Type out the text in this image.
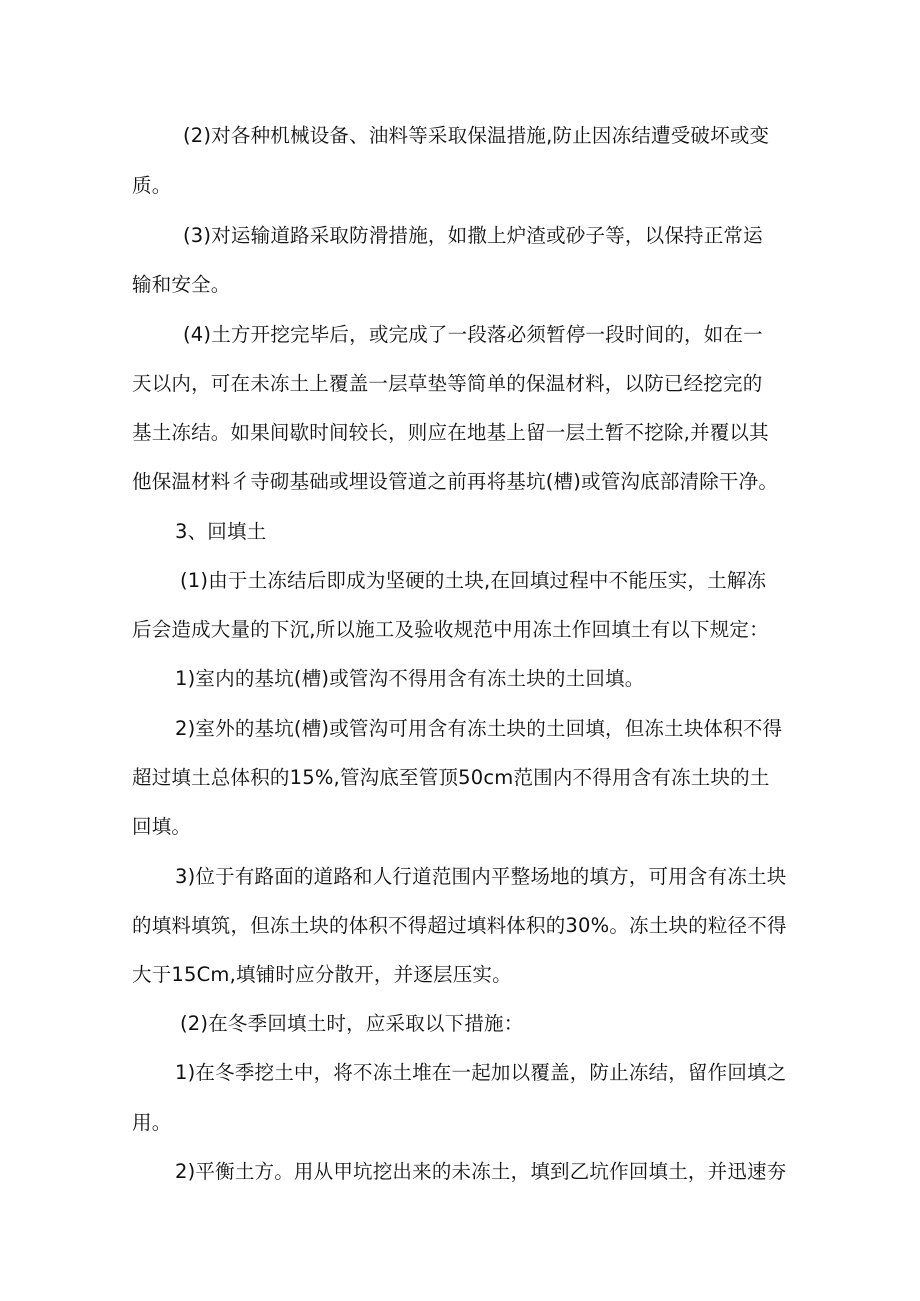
(2)对各种机械设备、油料等采取保温措施,防止因冻结遭受破坏或变

质。

(3)对运输道路采取防滑措施，如撒上炉渣或砂子等，以保持正常运

输和安全。

(4)土方开挖完毕后，或完成了一段落必须暂停一段时间的，如在一

天以内，可在未冻土上覆盖一层草垫等简单的保温材料，以防已经挖完的

基土冻结。如果间歇时间较长，则应在地基上留一层土暂不挖除,并覆以其

他保温材料彳寺砌基础或埋设管道之前再将基坑(槽)或管沟底部清除干净。

3、回填土

(1)由于土冻结后即成为坚硬的土块,在回填过程中不能压实，土解冻

后会造成大量的下沉,所以施工及验收规范中用冻土作回填土有以下规定：

1)室内的基坑(槽)或管沟不得用含有冻土块的土回填。

2)室外的基坑(槽)或管沟可用含有冻土块的土回填，但冻土块体积不得

超过填土总体积的15%,管沟底至管顶50cm范围内不得用含有冻土块的土

回填。

3)位于有路面的道路和人行道范围内平整场地的填方，可用含有冻土块

的填料填筑，但冻土块的体积不得超过填料体积的30%。冻土块的粒径不得

大于15Cm,填铺时应分散开，并逐层压实。

(2)在冬季回填土时，应采取以下措施：

1)在冬季挖土中，将不冻土堆在一起加以覆盖，防止冻结，留作回填之

用。

2)平衡土方。用从甲坑挖出来的未冻土，填到乙坑作回填土，并迅速夯
